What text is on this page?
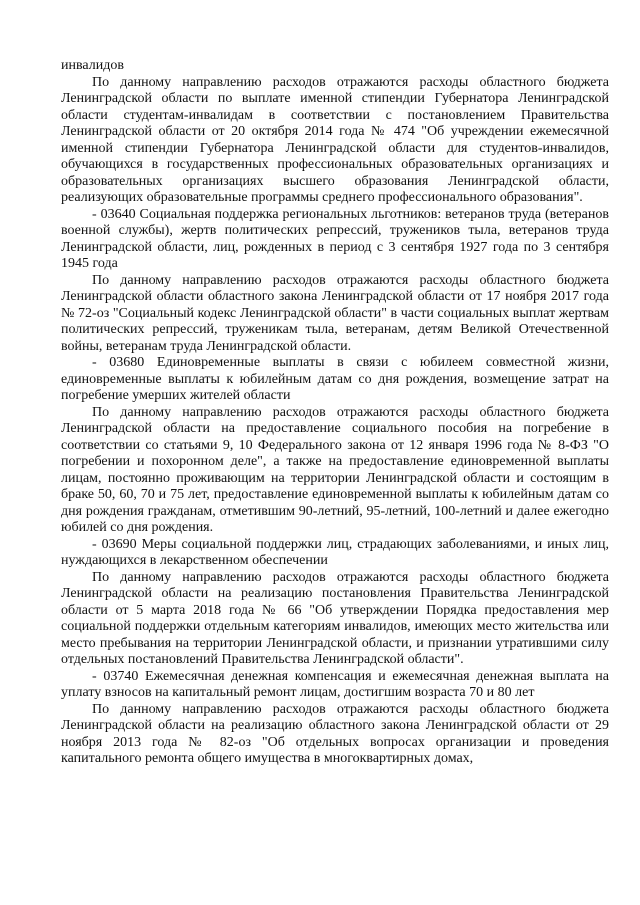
инвалидов

По данному направлению расходов отражаются расходы областного бюджета Ленинградской области по выплате именной стипендии Губернатора Ленинградской области студентам-инвалидам в соответствии с постановлением Правительства Ленинградской области от 20 октября 2014 года № 474 "Об учреждении ежемесячной именной стипендии Губернатора Ленинградской области для студентов-инвалидов, обучающихся в государственных профессиональных образовательных организациях и образовательных организациях высшего образования Ленинградской области, реализующих образовательные программы среднего профессионального образования".

- 03640 Социальная поддержка региональных льготников: ветеранов труда (ветеранов военной службы), жертв политических репрессий, тружеников тыла, ветеранов труда Ленинградской области, лиц, рожденных в период с 3 сентября 1927 года по 3 сентября 1945 года

По данному направлению расходов отражаются расходы областного бюджета Ленинградской области областного закона Ленинградской области от 17 ноября 2017 года № 72-оз "Социальный кодекс Ленинградской области" в части социальных выплат жертвам политических репрессий, труженикам тыла, ветеранам, детям Великой Отечественной войны, ветеранам труда Ленинградской области.

- 03680 Единовременные выплаты в связи с юбилеем совместной жизни, единовременные выплаты к юбилейным датам со дня рождения, возмещение затрат на погребение умерших жителей области

По данному направлению расходов отражаются расходы областного бюджета Ленинградской области на предоставление социального пособия на погребение в соответствии со статьями 9, 10 Федерального закона от 12 января 1996 года № 8-ФЗ "О погребении и похоронном деле", а также на предоставление единовременной выплаты лицам, постоянно проживающим на территории Ленинградской области и состоящим в браке 50, 60, 70 и 75 лет, предоставление единовременной выплаты к юбилейным датам со дня рождения гражданам, отметившим 90-летний, 95-летний, 100-летний и далее ежегодно юбилей со дня рождения.

- 03690 Меры социальной поддержки лиц, страдающих заболеваниями, и иных лиц, нуждающихся в лекарственном обеспечении

По данному направлению расходов отражаются расходы областного бюджета Ленинградской области на реализацию постановления Правительства Ленинградской области от 5 марта 2018 года № 66 "Об утверждении Порядка предоставления мер социальной поддержки отдельным категориям инвалидов, имеющих место жительства или место пребывания на территории Ленинградской области, и признании утратившими силу отдельных постановлений Правительства Ленинградской области".

- 03740 Ежемесячная денежная компенсация и ежемесячная денежная выплата на уплату взносов на капитальный ремонт лицам, достигшим возраста 70 и 80 лет

По данному направлению расходов отражаются расходы областного бюджета Ленинградской области на реализацию областного закона Ленинградской области от 29 ноября 2013 года № 82-оз "Об отдельных вопросах организации и проведения капитального ремонта общего имущества в многоквартирных домах,
